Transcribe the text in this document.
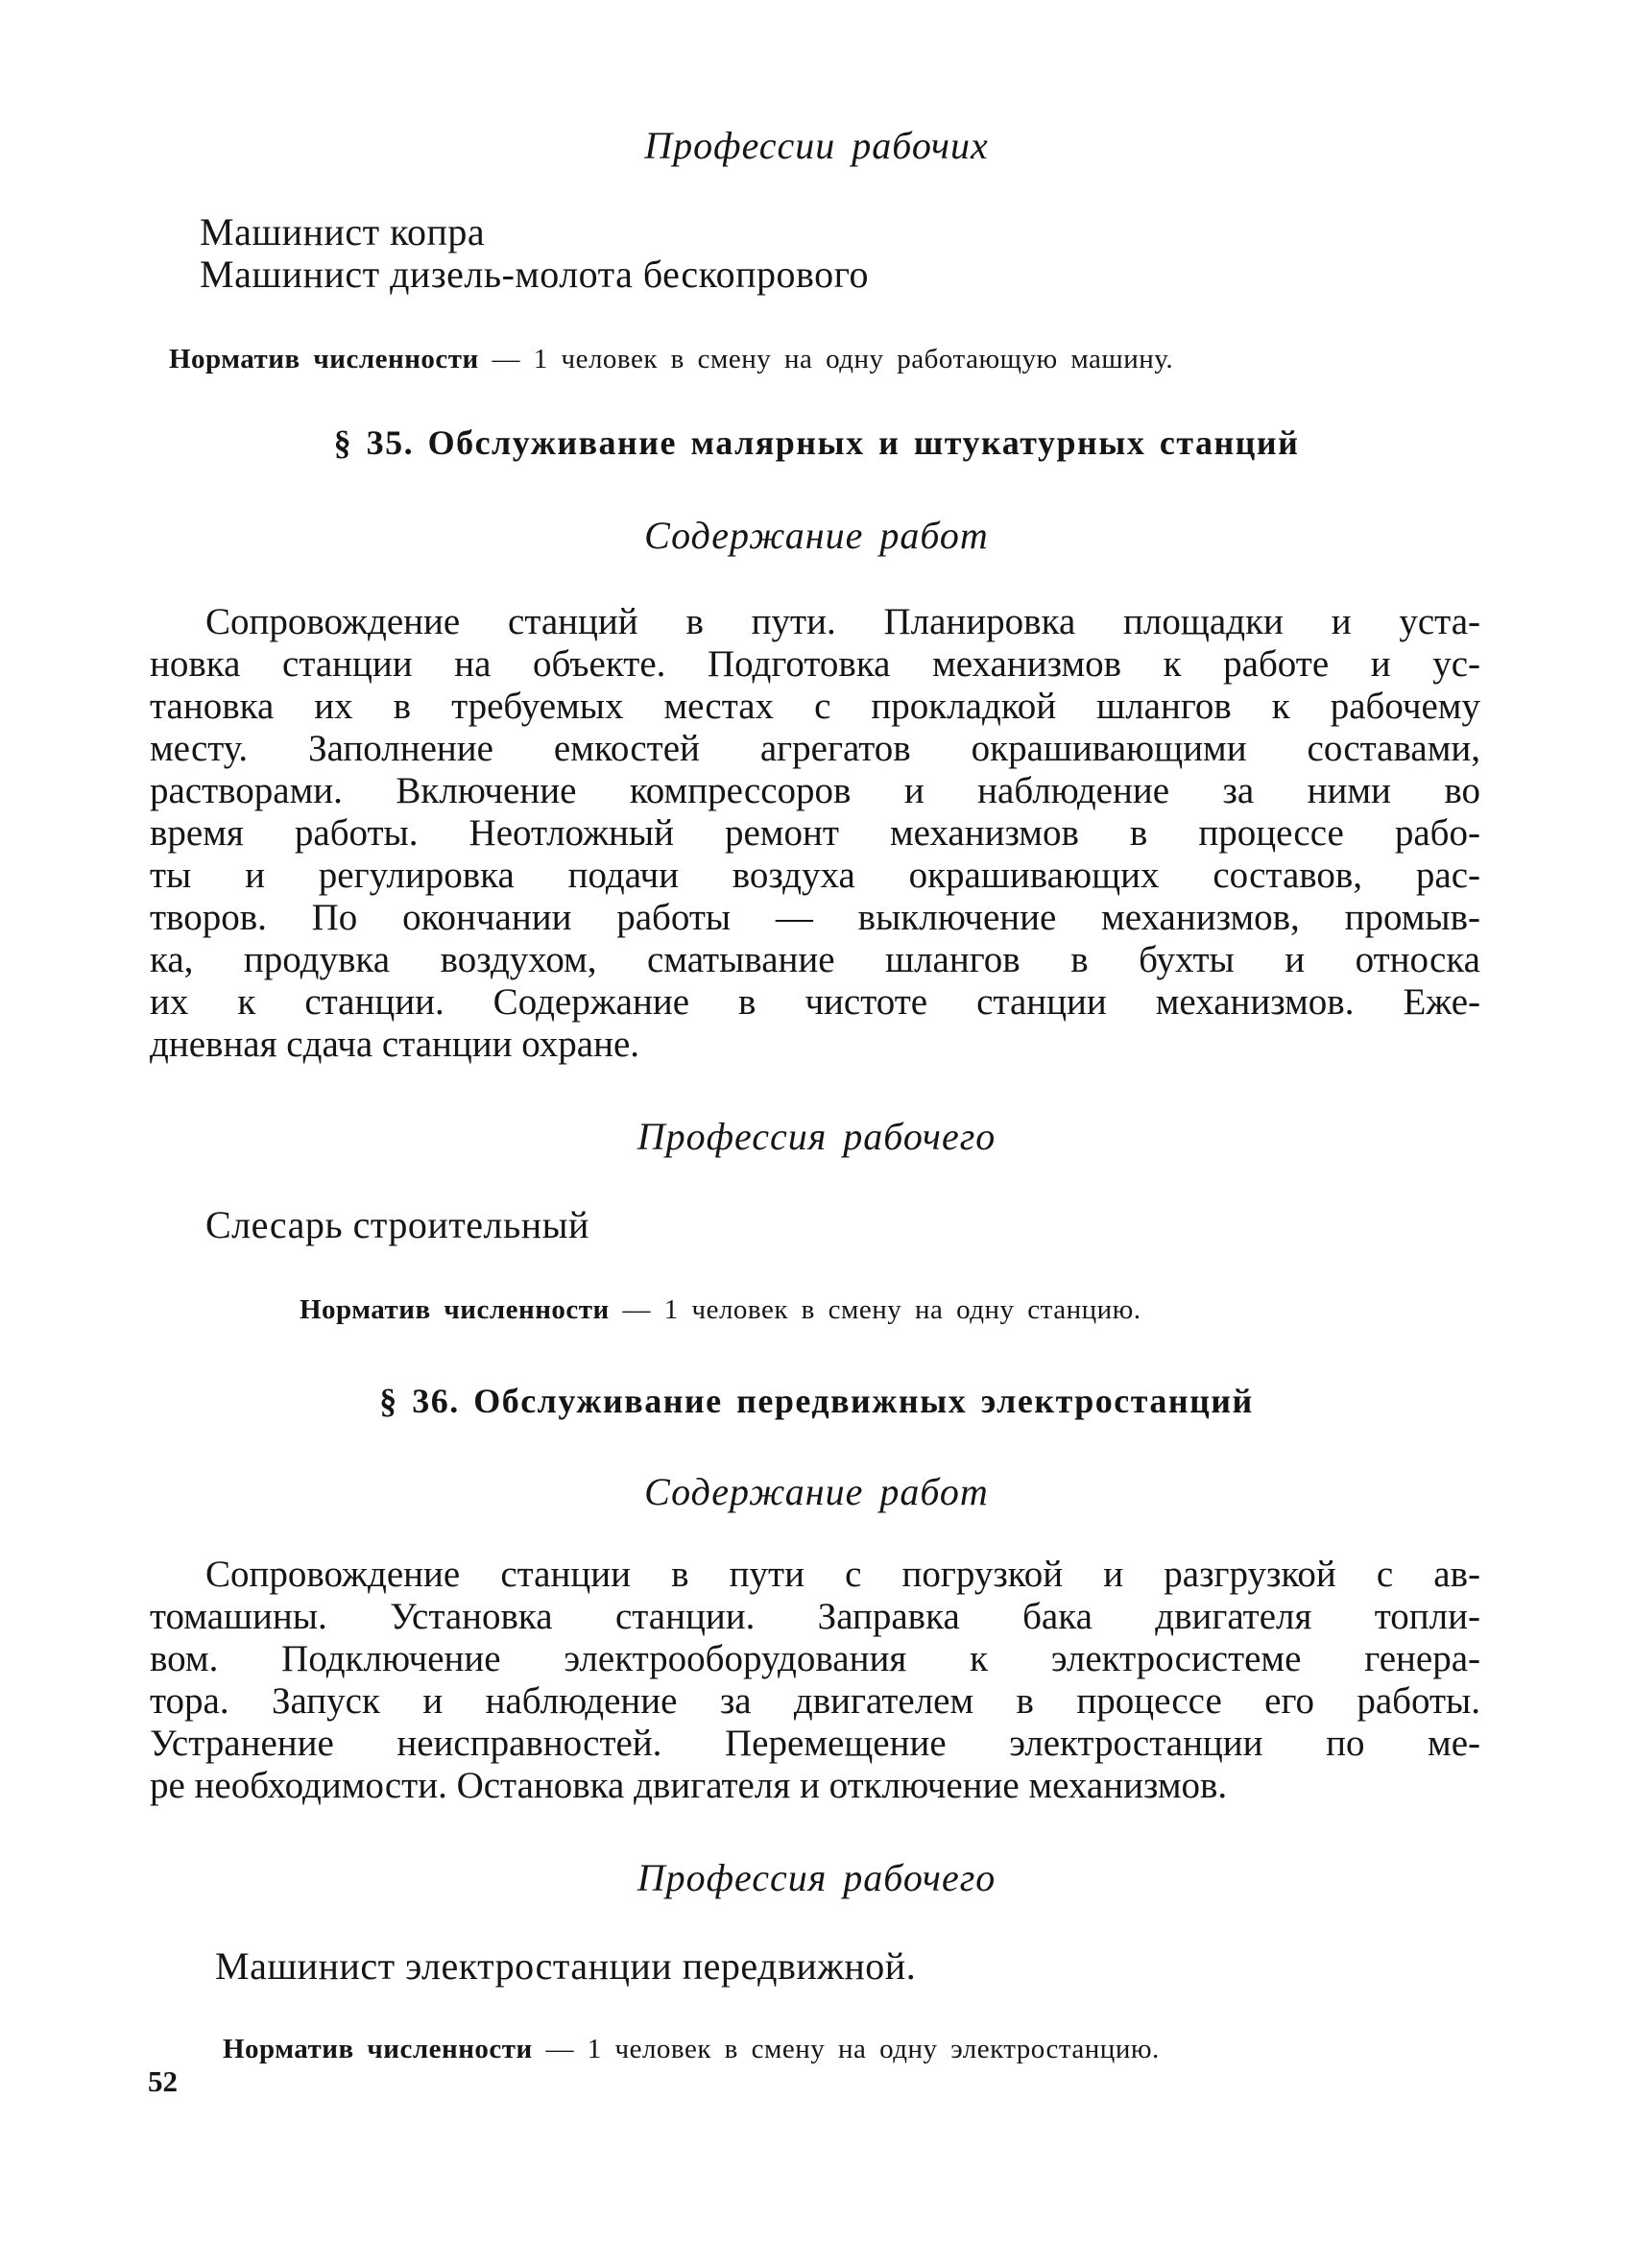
Профессии рабочих
Машинист копра
Машинист дизель-молота бескопрового
Норматив численности — 1 человек в смену на одну работающую машину.
§ 35. Обслуживание малярных и штукатурных станций
Содержание работ
Сопровождение станций в пути. Планировка площадки и уста-
новка станции на объекте. Подготовка механизмов к работе и ус-
тановка их в требуемых местах с прокладкой шлангов к рабочему
месту. Заполнение емкостей агрегатов окрашивающими составами,
растворами. Включение компрессоров и наблюдение за ними во
время работы. Неотложный ремонт механизмов в процессе рабо-
ты и регулировка подачи воздуха окрашивающих составов, рас-
творов. По окончании работы — выключение механизмов, промыв-
ка, продувка воздухом, сматывание шлангов в бухты и относка
их к станции. Содержание в чистоте станции механизмов. Еже-
дневная сдача станции охране.
Профессия рабочего
Слесарь строительный
Норматив численности — 1 человек в смену на одну станцию.
§ 36. Обслуживание передвижных электростанций
Содержание работ
Сопровождение станции в пути с погрузкой и разгрузкой с ав-
томашины. Установка станции. Заправка бака двигателя топли-
вом. Подключение электрооборудования к электросистеме генера-
тора. Запуск и наблюдение за двигателем в процессе его работы.
Устранение неисправностей. Перемещение электростанции по ме-
ре необходимости. Остановка двигателя и отключение механизмов.
Профессия рабочего
Машинист электростанции передвижной.
Норматив численности — 1 человек в смену на одну электростанцию.
52
